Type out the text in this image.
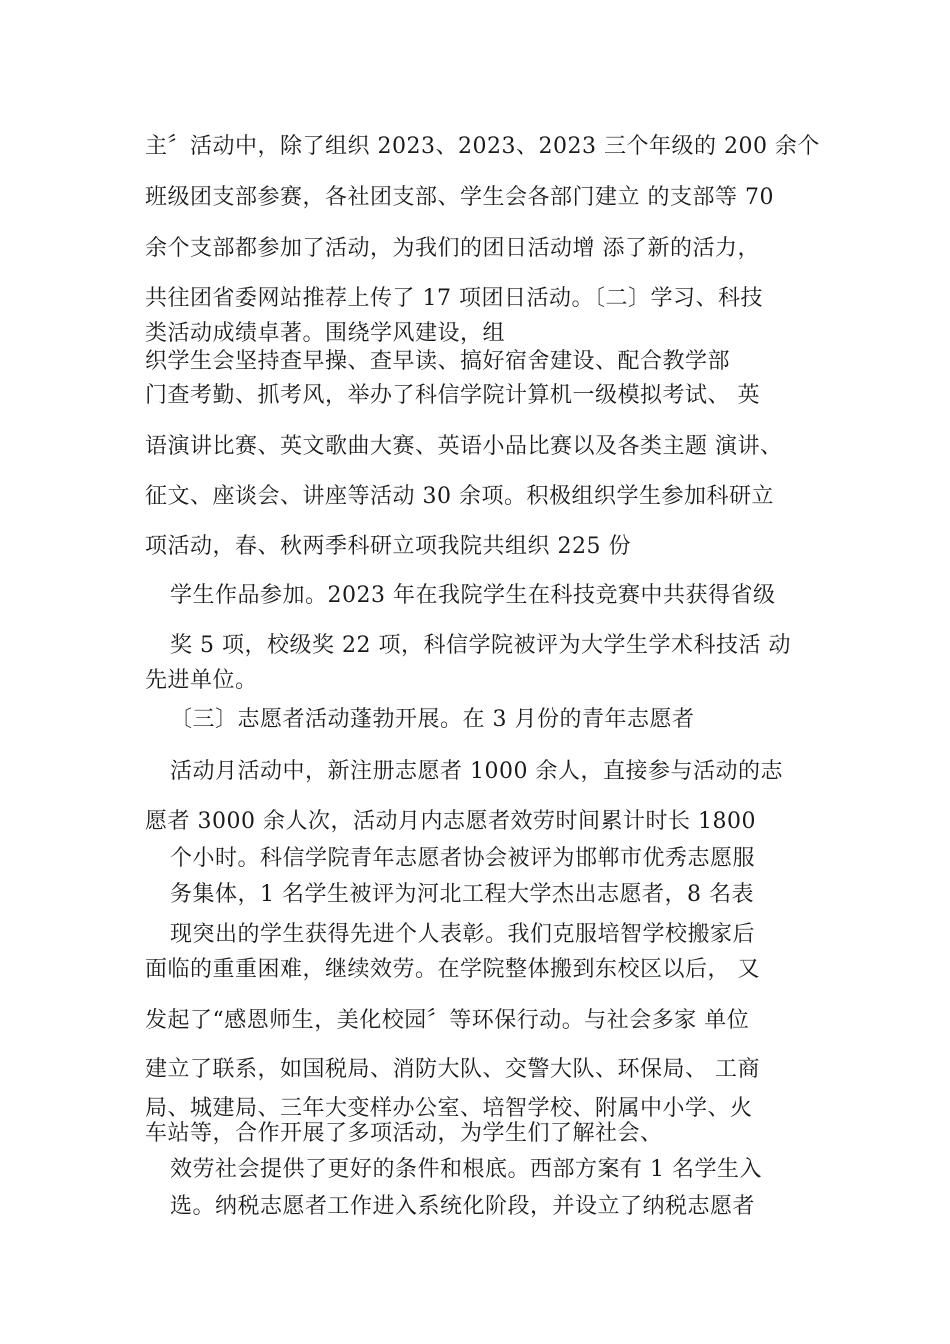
主〞活动中，除了组织 2023、2023、2023 三个年级的 200 余个
班级团支部参赛，各社团支部、学生会各部门建立 的支部等 70
余个支部都参加了活动，为我们的团日活动增 添了新的活力，
共往团省委网站推荐上传了 17 项团日活动。〔二〕学习、科技
类活动成绩卓著。围绕学风建设，组
织学生会坚持查早操、查早读、搞好宿舍建设、配合教学部
门查考勤、抓考风，举办了科信学院计算机一级模拟考试、 英
语演讲比赛、英文歌曲大赛、英语小品比赛以及各类主题 演讲、
征文、座谈会、讲座等活动 30 余项。积极组织学生参加科研立
项活动，春、秋两季科研立项我院共组织 225 份
学生作品参加。2023 年在我院学生在科技竞赛中共获得省级
奖 5 项，校级奖 22 项，科信学院被评为大学生学术科技活 动
先进单位。
〔三〕志愿者活动蓬勃开展。在 3 月份的青年志愿者
活动月活动中，新注册志愿者 1000 余人，直接参与活动的志
愿者 3000 余人次，活动月内志愿者效劳时间累计时长 1800
个小时。科信学院青年志愿者协会被评为邯郸市优秀志愿服
务集体，1 名学生被评为河北工程大学杰出志愿者，8 名表
现突出的学生获得先进个人表彰。我们克服培智学校搬家后
面临的重重困难，继续效劳。在学院整体搬到东校区以后， 又
发起了“感恩师生，美化校园〞等环保行动。与社会多家 单位
建立了联系，如国税局、消防大队、交警大队、环保局、 工商
局、城建局、三年大变样办公室、培智学校、附属中小学、火
车站等，合作开展了多项活动，为学生们了解社会、
效劳社会提供了更好的条件和根底。西部方案有 1 名学生入
选。纳税志愿者工作进入系统化阶段，并设立了纳税志愿者
